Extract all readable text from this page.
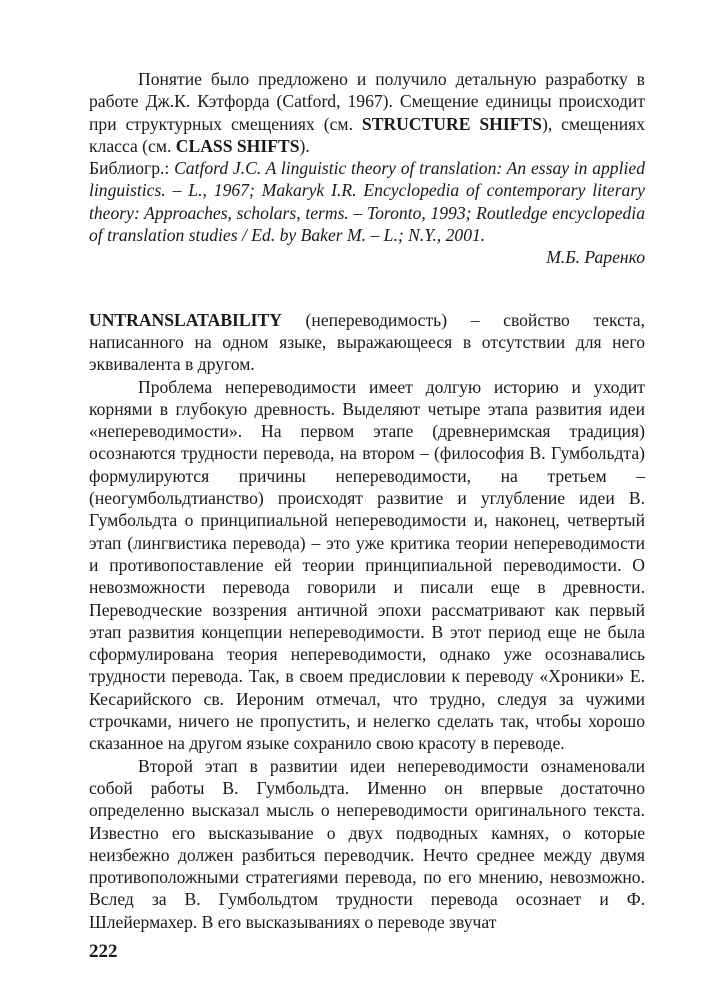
Понятие было предложено и получило детальную разработку в работе Дж.К. Кэтфорда (Catford, 1967). Смещение единицы происходит при структурных смещениях (см. STRUCTURE SHIFTS), смещениях класса (см. CLASS SHIFTS).

Библиогр.: Catford J.C. A linguistic theory of translation: An essay in applied linguistics. – L., 1967; Makaryk I.R. Encyclopedia of contemporary literary theory: Approaches, scholars, terms. – Toronto, 1993; Routledge encyclopedia of translation studies / Ed. by Baker M. – L.; N.Y., 2001.

М.Б. Раренко

UNTRANSLATABILITY (непереводимость) – свойство текста, написанного на одном языке, выражающееся в отсутствии для него эквивалента в другом.

Проблема непереводимости имеет долгую историю и уходит корнями в глубокую древность. Выделяют четыре этапа развития идеи «непереводимости». На первом этапе (древнеримская традиция) осознаются трудности перевода, на втором – (философия В. Гумбольдта) формулируются причины непереводимости, на третьем – (неогумбольдтианство) происходят развитие и углубление идеи В. Гумбольдта о принципиальной непереводимости и, наконец, четвертый этап (лингвистика перевода) – это уже критика теории непереводимости и противопоставление ей теории принципиальной переводимости. О невозможности перевода говорили и писали еще в древности. Переводческие воззрения античной эпохи рассматривают как первый этап развития концепции непереводимости. В этот период еще не была сформулирована теория непереводимости, однако уже осознавались трудности перевода. Так, в своем предисловии к переводу «Хроники» Е. Кесарийского св. Иероним отмечал, что трудно, следуя за чужими строчками, ничего не пропустить, и нелегко сделать так, чтобы хорошо сказанное на другом языке сохранило свою красоту в переводе.

Второй этап в развитии идеи непереводимости ознаменовали собой работы В. Гумбольдта. Именно он впервые достаточно определенно высказал мысль о непереводимости оригинального текста. Известно его высказывание о двух подводных камнях, о которые неизбежно должен разбиться переводчик. Нечто среднее между двумя противоположными стратегиями перевода, по его мнению, невозможно. Вслед за В. Гумбольдтом трудности перевода осознает и Ф. Шлейермахер. В его высказываниях о переводе звучат

222
